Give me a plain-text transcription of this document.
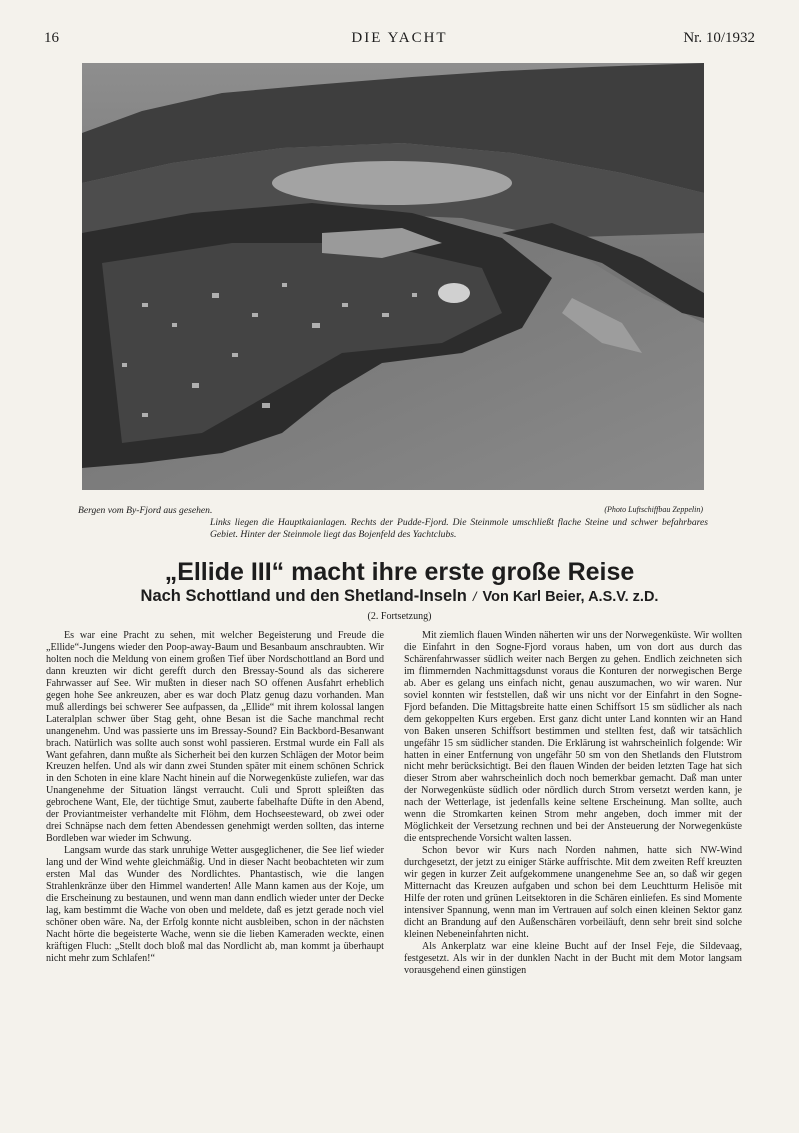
16	DIE YACHT	Nr. 10/1932
Bergen vom By-Fjord aus gesehen.	(Photo Luftschiffbau Zeppelin)
Links liegen die Hauptkaianlagen. Rechts der Pudde-Fjord. Die Steinmole umschließt flache Steine und schwer befahrbares Gebiet. Hinter der Steinmole liegt das Bojenfeld des Yachtclubs.
„Ellide III“ macht ihre erste große Reise
Nach Schottland und den Shetland-Inseln / Von Karl Beier, A.S.V. z.D.
(2. Fortsetzung)

Es war eine Pracht zu sehen, mit welcher Begeisterung und Freude die „Ellide“-Jungens wieder den Poop-away-Baum und Besanbaum anschraubten. Wir holten noch die Meldung von einem großen Tief über Nordschottland an Bord und dann kreuzten wir dicht gerefft durch den Bressay-Sound als das sicherere Fahrwasser auf See. Wir mußten in dieser nach SO offenen Ausfahrt erheblich gegen hohe See ankreuzen, aber es war doch Platz genug dazu vorhanden. Man muß allerdings bei schwerer See aufpassen, da „Ellide“ mit ihrem kolossal langen Lateralplan schwer über Stag geht, ohne Besan ist die Sache manchmal recht unangenehm. Und was passierte uns im Bressay-Sound? Ein Backbord-Besanwant brach. Natürlich was sollte auch sonst wohl passieren. Erstmal wurde ein Fall als Want gefahren, dann mußte als Sicherheit bei den kurzen Schlägen der Motor beim Kreuzen helfen. Und als wir dann zwei Stunden später mit einem schönen Schrick in den Schoten in eine klare Nacht hinein auf die Norwegenküste zuliefen, war das Unangenehme der Situation längst verraucht. Culi und Sprott spleißten das gebrochene Want, Ele, der tüchtige Smut, zauberte fabelhafte Düfte in den Abend, der Proviantmeister verhandelte mit Flöhm, dem Hochseesteward, ob zwei oder drei Schnäpse nach dem fetten Abendessen genehmigt werden sollten, das interne Bordleben war wieder im Schwung.

Langsam wurde das stark unruhige Wetter ausgeglichener, die See lief wieder lang und der Wind wehte gleichmäßig. Und in dieser Nacht beobachteten wir zum ersten Mal das Wunder des Nordlichtes. Phantastisch, wie die langen Strahlenkränze über den Himmel wanderten! Alle Mann kamen aus der Koje, um die Erscheinung zu bestaunen, und wenn man dann endlich wieder unter der Decke lag, kam bestimmt die Wache von oben und meldete, daß es jetzt gerade noch viel schöner oben wäre. Na, der Erfolg konnte nicht ausbleiben, schon in der nächsten Nacht hörte die begeisterte Wache, wenn sie die lieben Kameraden weckte, einen kräftigen Fluch: „Stellt doch bloß mal das Nordlicht ab, man kommt ja überhaupt nicht mehr zum Schlafen!“

Mit ziemlich flauen Winden näherten wir uns der Norwegenküste. Wir wollten die Einfahrt in den Sogne-Fjord voraus haben, um von dort aus durch das Schärenfahrwasser südlich weiter nach Bergen zu gehen. Endlich zeichneten sich im flimmernden Nachmittagsdunst voraus die Konturen der norwegischen Berge ab. Aber es gelang uns einfach nicht, genau auszumachen, wo wir waren. Nur soviel konnten wir feststellen, daß wir uns nicht vor der Einfahrt in den Sogne-Fjord befanden. Die Mittagsbreite hatte einen Schiffsort 15 sm südlicher als nach dem gekoppelten Kurs ergeben. Erst ganz dicht unter Land konnten wir an Hand von Baken unseren Schiffsort bestimmen und stellten fest, daß wir tatsächlich ungefähr 15 sm südlicher standen. Die Erklärung ist wahrscheinlich folgende: Wir hatten in einer Entfernung von ungefähr 50 sm von den Shetlands den Flutstrom nicht mehr berücksichtigt. Bei den flauen Winden der beiden letzten Tage hat sich dieser Strom aber wahrscheinlich doch noch bemerkbar gemacht. Daß man unter der Norwegenküste südlich oder nördlich durch Strom versetzt werden kann, je nach der Wetterlage, ist jedenfalls keine seltene Erscheinung. Man sollte, auch wenn die Stromkarten keinen Strom mehr angeben, doch immer mit der Möglichkeit der Versetzung rechnen und bei der Ansteuerung der Norwegenküste die entsprechende Vorsicht walten lassen.

Schon bevor wir Kurs nach Norden nahmen, hatte sich NW-Wind durchgesetzt, der jetzt zu einiger Stärke auffrischte. Mit dem zweiten Reff kreuzten wir gegen in kurzer Zeit aufgekommene unangenehme See an, so daß wir gegen Mitternacht das Kreuzen aufgaben und schon bei dem Leuchtturm Helisöe mit Hilfe der roten und grünen Leitsektoren in die Schären einliefen. Es sind Momente intensiver Spannung, wenn man im Vertrauen auf solch einen kleinen Sektor ganz dicht an Brandung auf den Außenschären vorbeiläuft, denn sehr breit sind solche kleinen Nebeneinfahrten nicht.

Als Ankerplatz war eine kleine Bucht auf der Insel Feje, die Sildevaag, festgesetzt. Als wir in der dunklen Nacht in der Bucht mit dem Motor langsam vorausgehend einen günstigen
